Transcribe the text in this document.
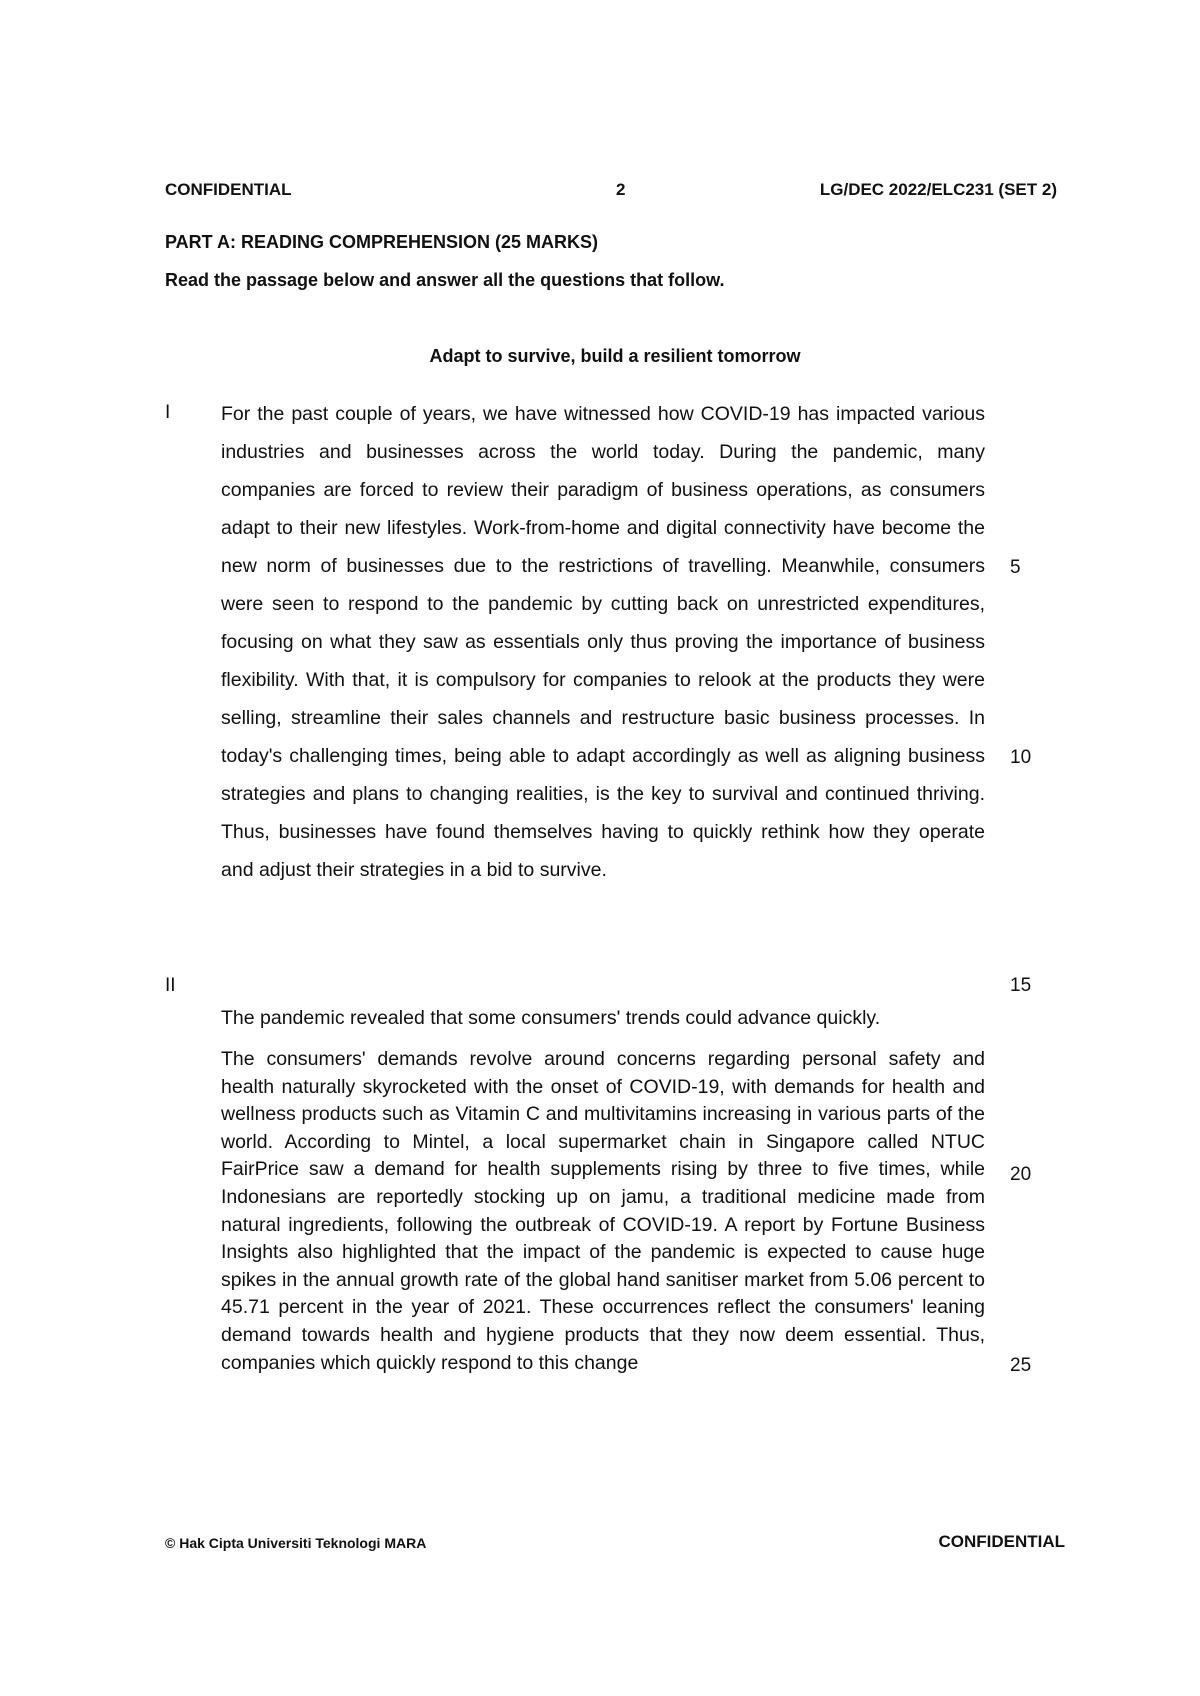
CONFIDENTIAL	2	LG/DEC 2022/ELC231 (SET 2)
PART A: READING COMPREHENSION (25 MARKS)
Read the passage below and answer all the questions that follow.
Adapt to survive, build a resilient tomorrow
I	For the past couple of years, we have witnessed how COVID-19 has impacted various industries and businesses across the world today. During the pandemic, many companies are forced to review their paradigm of business operations, as consumers adapt to their new lifestyles. Work-from-home and digital connectivity have become the new norm of businesses due to the restrictions of travelling. Meanwhile, consumers were seen to respond to the pandemic by cutting back on unrestricted expenditures, focusing on what they saw as essentials only thus proving the importance of business flexibility. With that, it is compulsory for companies to relook at the products they were selling, streamline their sales channels and restructure basic business processes. In today's challenging times, being able to adapt accordingly as well as aligning business strategies and plans to changing realities, is the key to survival and continued thriving. Thus, businesses have found themselves having to quickly rethink how they operate and adjust their strategies in a bid to survive.

II

The pandemic revealed that some consumers' trends could advance quickly.

The consumers' demands revolve around concerns regarding personal safety and health naturally skyrocketed with the onset of COVID-19, with demands for health and wellness products such as Vitamin C and multivitamins increasing in various parts of the world. According to Mintel, a local supermarket chain in Singapore called NTUC FairPrice saw a demand for health supplements rising by three to five times, while Indonesians are reportedly stocking up on jamu, a traditional medicine made from natural ingredients, following the outbreak of COVID-19. A report by Fortune Business Insights also highlighted that the impact of the pandemic is expected to cause huge spikes in the annual growth rate of the global hand sanitiser market from 5.06 percent to 45.71 percent in the year of 2021. These occurrences reflect the consumers' leaning demand towards health and hygiene products that they now deem essential. Thus, companies which quickly respond to this change

5
10
15
20
25
© Hak Cipta Universiti Teknologi MARA	CONFIDENTIAL
